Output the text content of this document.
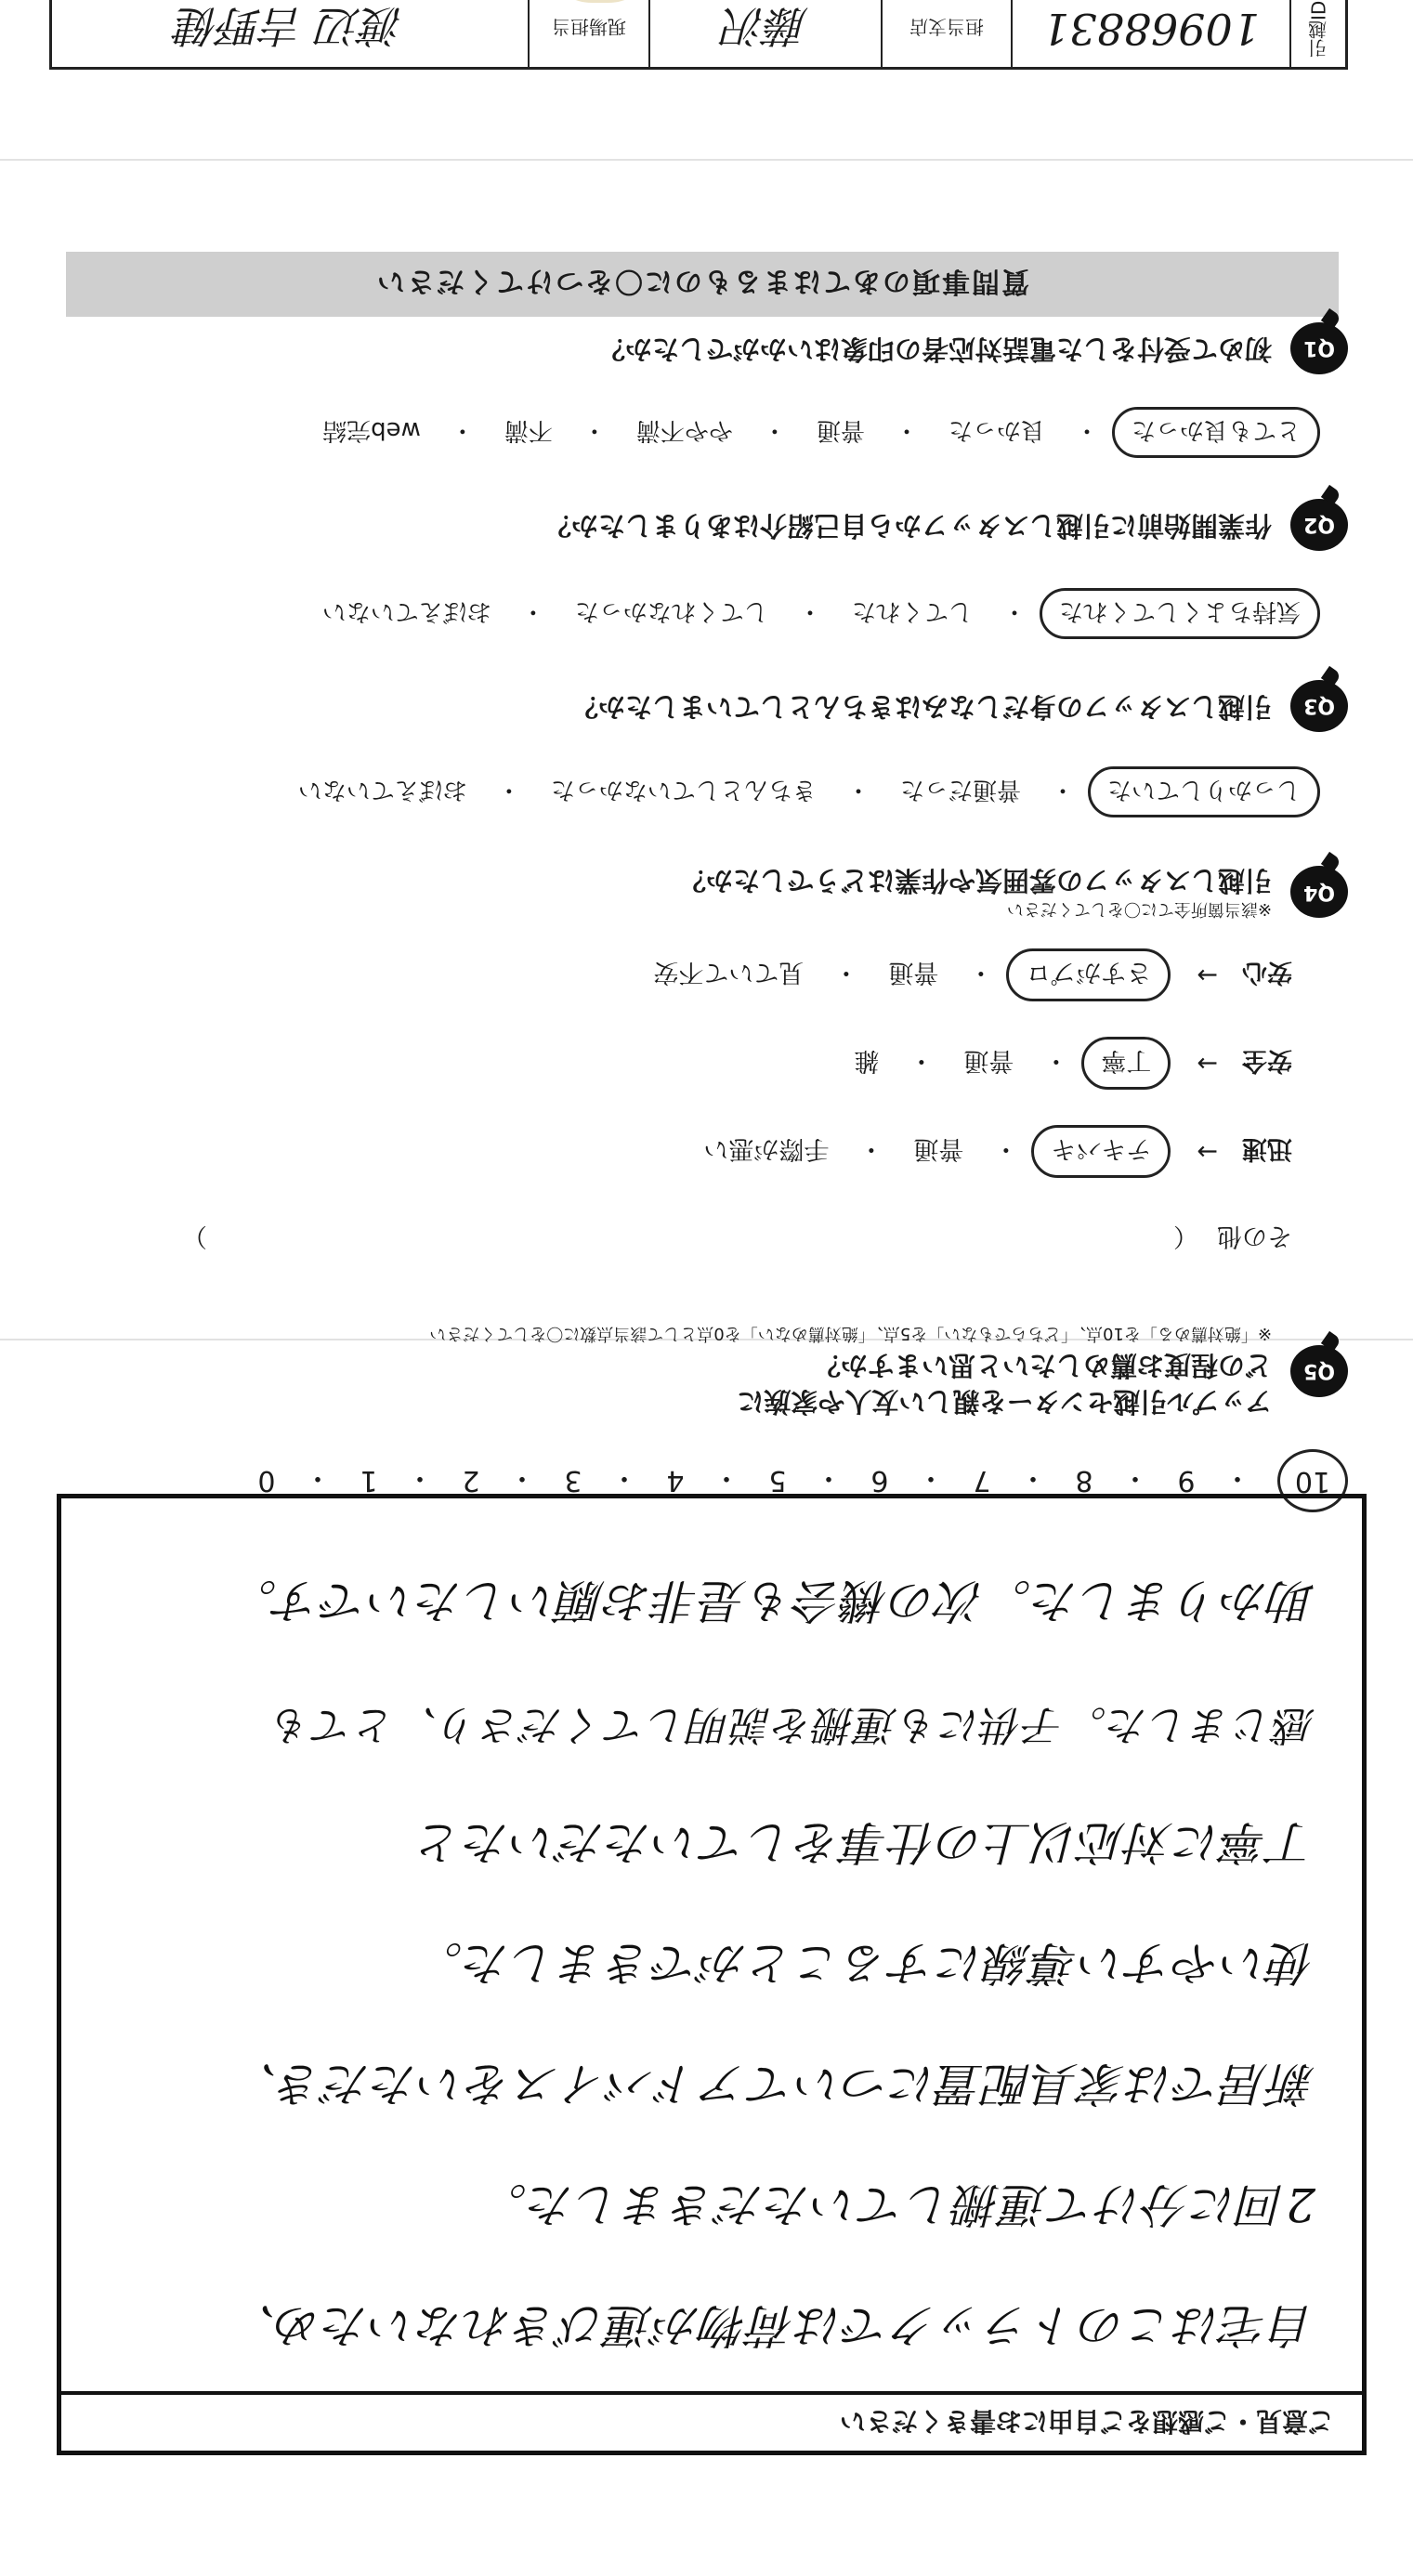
引越ID
10968831
担当支店
藤沢
現場担当
渡辺 吉野健
質問事項のあてはまるものに〇をつけてください
Q1
初めて受付をした電話対応者の印象はいかがでしたか？
とても良かった
・
良かった
・
普通
・
やや不満
・
不満
・
web完結
Q2
作業開始前に引越しスタッフから自己紹介はありましたか？
気持ちよくしてくれた
・
してくれた
・
してくれなかった
・
おぼえていない
Q3
引越しスタッフの身だしなみはきちんとしていましたか？
しっかりしていた
・
普通だった
・
きちんとしていなかった
・
おぼえていない
Q4
※該当箇所全てに〇をしてください
引越しスタッフの雰囲気や作業はどうでしたか？
安心
→
さすがプロ
・
普通
・
見ていて不安
安全
→
丁寧
・
普通
・
雑
迅速
→
テキパキ
・
普通
・
手際が悪い
その他
（
）
Q5
アップル引越センターを親しい友人や家族に
どの程度お薦めしたいと思いますか？
※「絶対薦める」を10点、「どちらでもない」を5点、「絶対薦めない」を0点として該当点数に〇をしてください
10
・
9
・
8
・
7
・
6
・
5
・
4
・
3
・
2
・
1
・
0
ご意見・ご感想をご自由にお書きください
自宅はこのトラックでは荷物が運びきれないため、
2回に分けて運搬していただきました。
新居では家具配置についてアドバイスをいただき、
使いやすい導線にすることができました。
丁寧に対応以上の仕事をしていただいたと
感じました。子供にも運搬を説明してくださり、とても
助かりました。次の機会も是非お願いしたいです。
